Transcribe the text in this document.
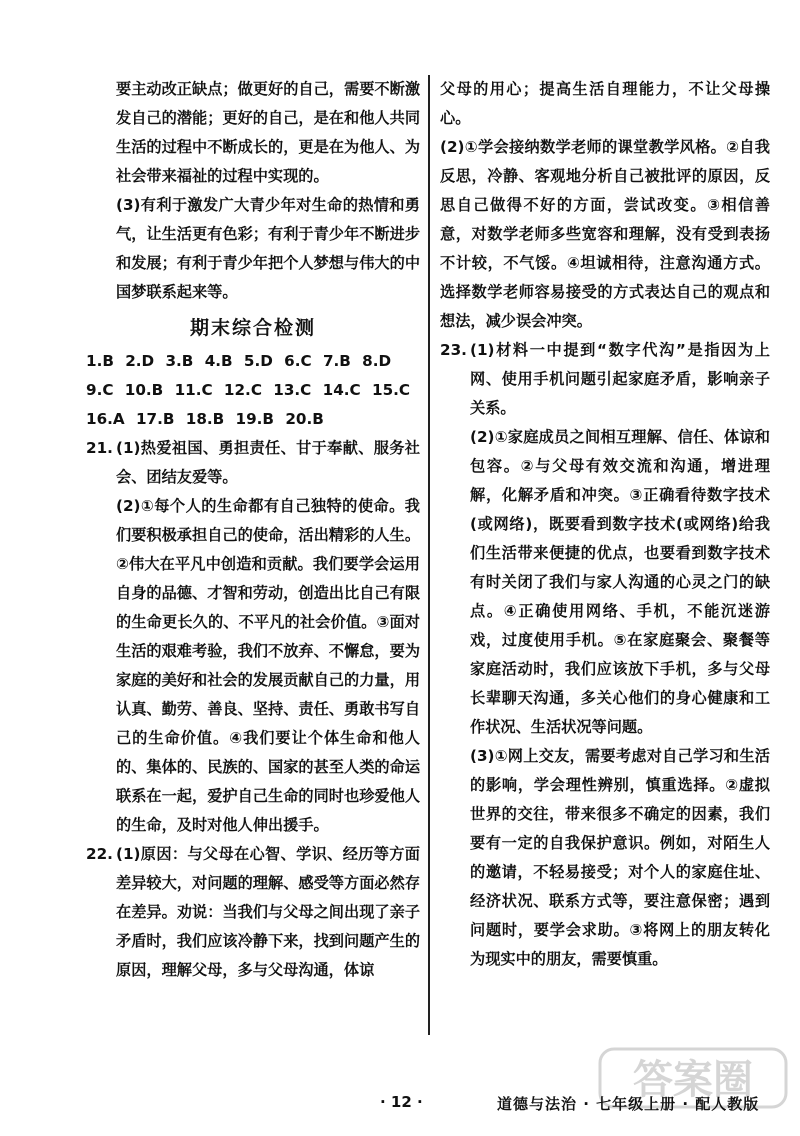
要主动改正缺点；做更好的自己，需要不断激发自己的潜能；更好的自己，是在和他人共同生活的过程中不断成长的，更是在为他人、为社会带来福祉的过程中实现的。

(3)有利于激发广大青少年对生命的热情和勇气，让生活更有色彩；有利于青少年不断进步和发展；有利于青少年把个人梦想与伟大的中国梦联系起来等。

期末综合检测
1.B 2.D 3.B 4.B 5.D 6.C 7.B 8.D
9.C 10.B 11.C 12.C 13.C 14.C 15.C
16.A 17.B 18.B 19.B 20.B

21. (1)热爱祖国、勇担责任、甘于奉献、服务社会、团结友爱等。

(2)①每个人的生命都有自己独特的使命。我们要积极承担自己的使命，活出精彩的人生。②伟大在平凡中创造和贡献。我们要学会运用自身的品德、才智和劳动，创造出比自己有限的生命更长久的、不平凡的社会价值。③面对生活的艰难考验，我们不放弃、不懈怠，要为家庭的美好和社会的发展贡献自己的力量，用认真、勤劳、善良、坚持、责任、勇敢书写自己的生命价值。④我们要让个体生命和他人的、集体的、民族的、国家的甚至人类的命运联系在一起，爱护自己生命的同时也珍爱他人的生命，及时对他人伸出援手。

22. (1)原因：与父母在心智、学识、经历等方面差异较大，对问题的理解、感受等方面必然存在差异。劝说：当我们与父母之间出现了亲子矛盾时，我们应该冷静下来，找到问题产生的原因，理解父母，多与父母沟通，体谅

父母的用心；提高生活自理能力，不让父母操心。

(2)①学会接纳数学老师的课堂教学风格。②自我反思，冷静、客观地分析自己被批评的原因，反思自己做得不好的方面，尝试改变。③相信善意，对数学老师多些宽容和理解，没有受到表扬不计较，不气馁。④坦诚相待，注意沟通方式。选择数学老师容易接受的方式表达自己的观点和想法，减少误会冲突。

23. (1)材料一中提到“数字代沟”是指因为上网、使用手机问题引起家庭矛盾，影响亲子关系。

(2)①家庭成员之间相互理解、信任、体谅和包容。②与父母有效交流和沟通，增进理解，化解矛盾和冲突。③正确看待数字技术(或网络)，既要看到数字技术(或网络)给我们生活带来便捷的优点，也要看到数字技术有时关闭了我们与家人沟通的心灵之门的缺点。④正确使用网络、手机，不能沉迷游戏，过度使用手机。⑤在家庭聚会、聚餐等家庭活动时，我们应该放下手机，多与父母长辈聊天沟通，多关心他们的身心健康和工作状况、生活状况等问题。

(3)①网上交友，需要考虑对自己学习和生活的影响，学会理性辨别，慎重选择。②虚拟世界的交往，带来很多不确定的因素，我们要有一定的自我保护意识。例如，对陌生人的邀请，不轻易接受；对个人的家庭住址、经济状况、联系方式等，要注意保密；遇到问题时，要学会求助。③将网上的朋友转化为现实中的朋友，需要慎重。

答案圈
· 12 ·	道德与法治 · 七年级上册 · 配人教版
